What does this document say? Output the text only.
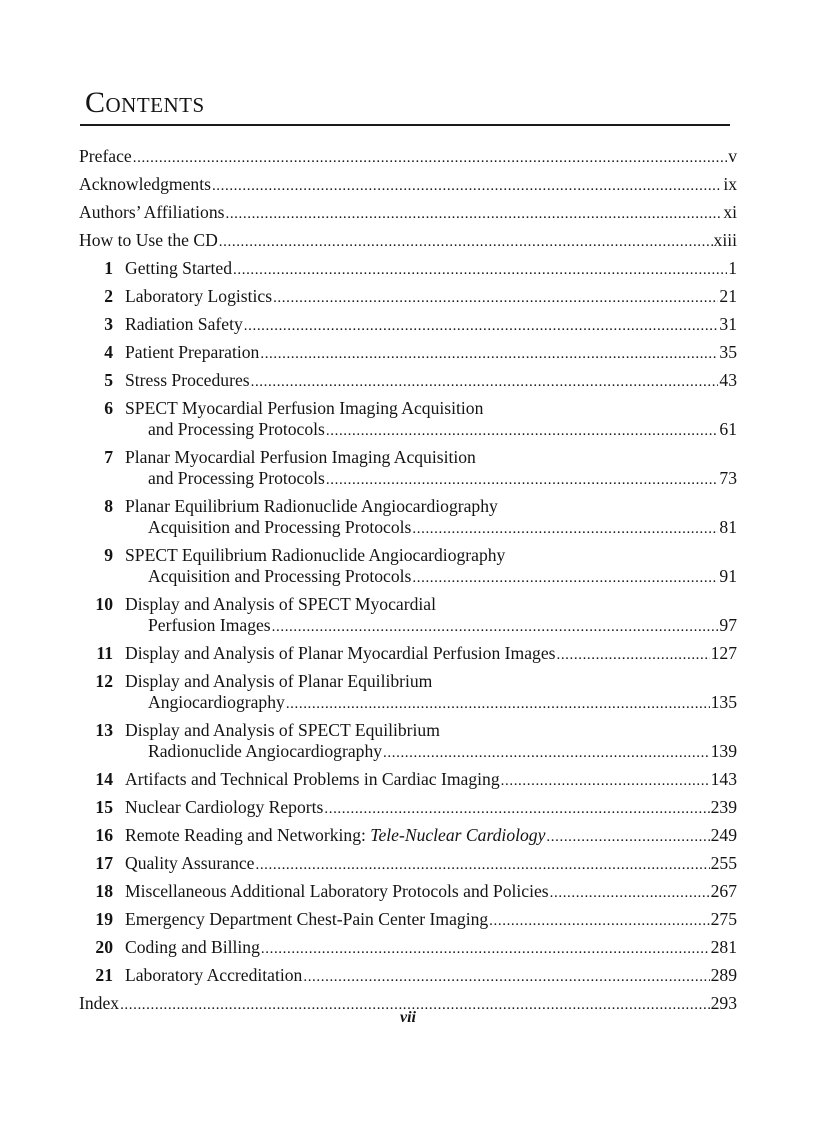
Contents
Preface .....	v
Acknowledgments .....	ix
Authors’ Affiliations .....	xi
How to Use the CD .....	xiii
1 Getting Started .....	1
2 Laboratory Logistics .....	21
3 Radiation Safety .....	31
4 Patient Preparation .....	35
5 Stress Procedures .....	43
6 SPECT Myocardial Perfusion Imaging Acquisition
and Processing Protocols .....	61
7 Planar Myocardial Perfusion Imaging Acquisition
and Processing Protocols .....	73
8 Planar Equilibrium Radionuclide Angiocardiography
Acquisition and Processing Protocols .....	81
9 SPECT Equilibrium Radionuclide Angiocardiography
Acquisition and Processing Protocols .....	91
10 Display and Analysis of SPECT Myocardial
Perfusion Images .....	97
11 Display and Analysis of Planar Myocardial Perfusion Images .....	127
12 Display and Analysis of Planar Equilibrium
Angiocardiography .....	135
13 Display and Analysis of SPECT Equilibrium
Radionuclide Angiocardiography .....	139
14 Artifacts and Technical Problems in Cardiac Imaging .....	143
15 Nuclear Cardiology Reports .....	239
16 Remote Reading and Networking: Tele-Nuclear Cardiology .....	249
17 Quality Assurance .....	255
18 Miscellaneous Additional Laboratory Protocols and Policies .....	267
19 Emergency Department Chest-Pain Center Imaging .....	275
20 Coding and Billing .....	281
21 Laboratory Accreditation .....	289
Index .....	293
vii
